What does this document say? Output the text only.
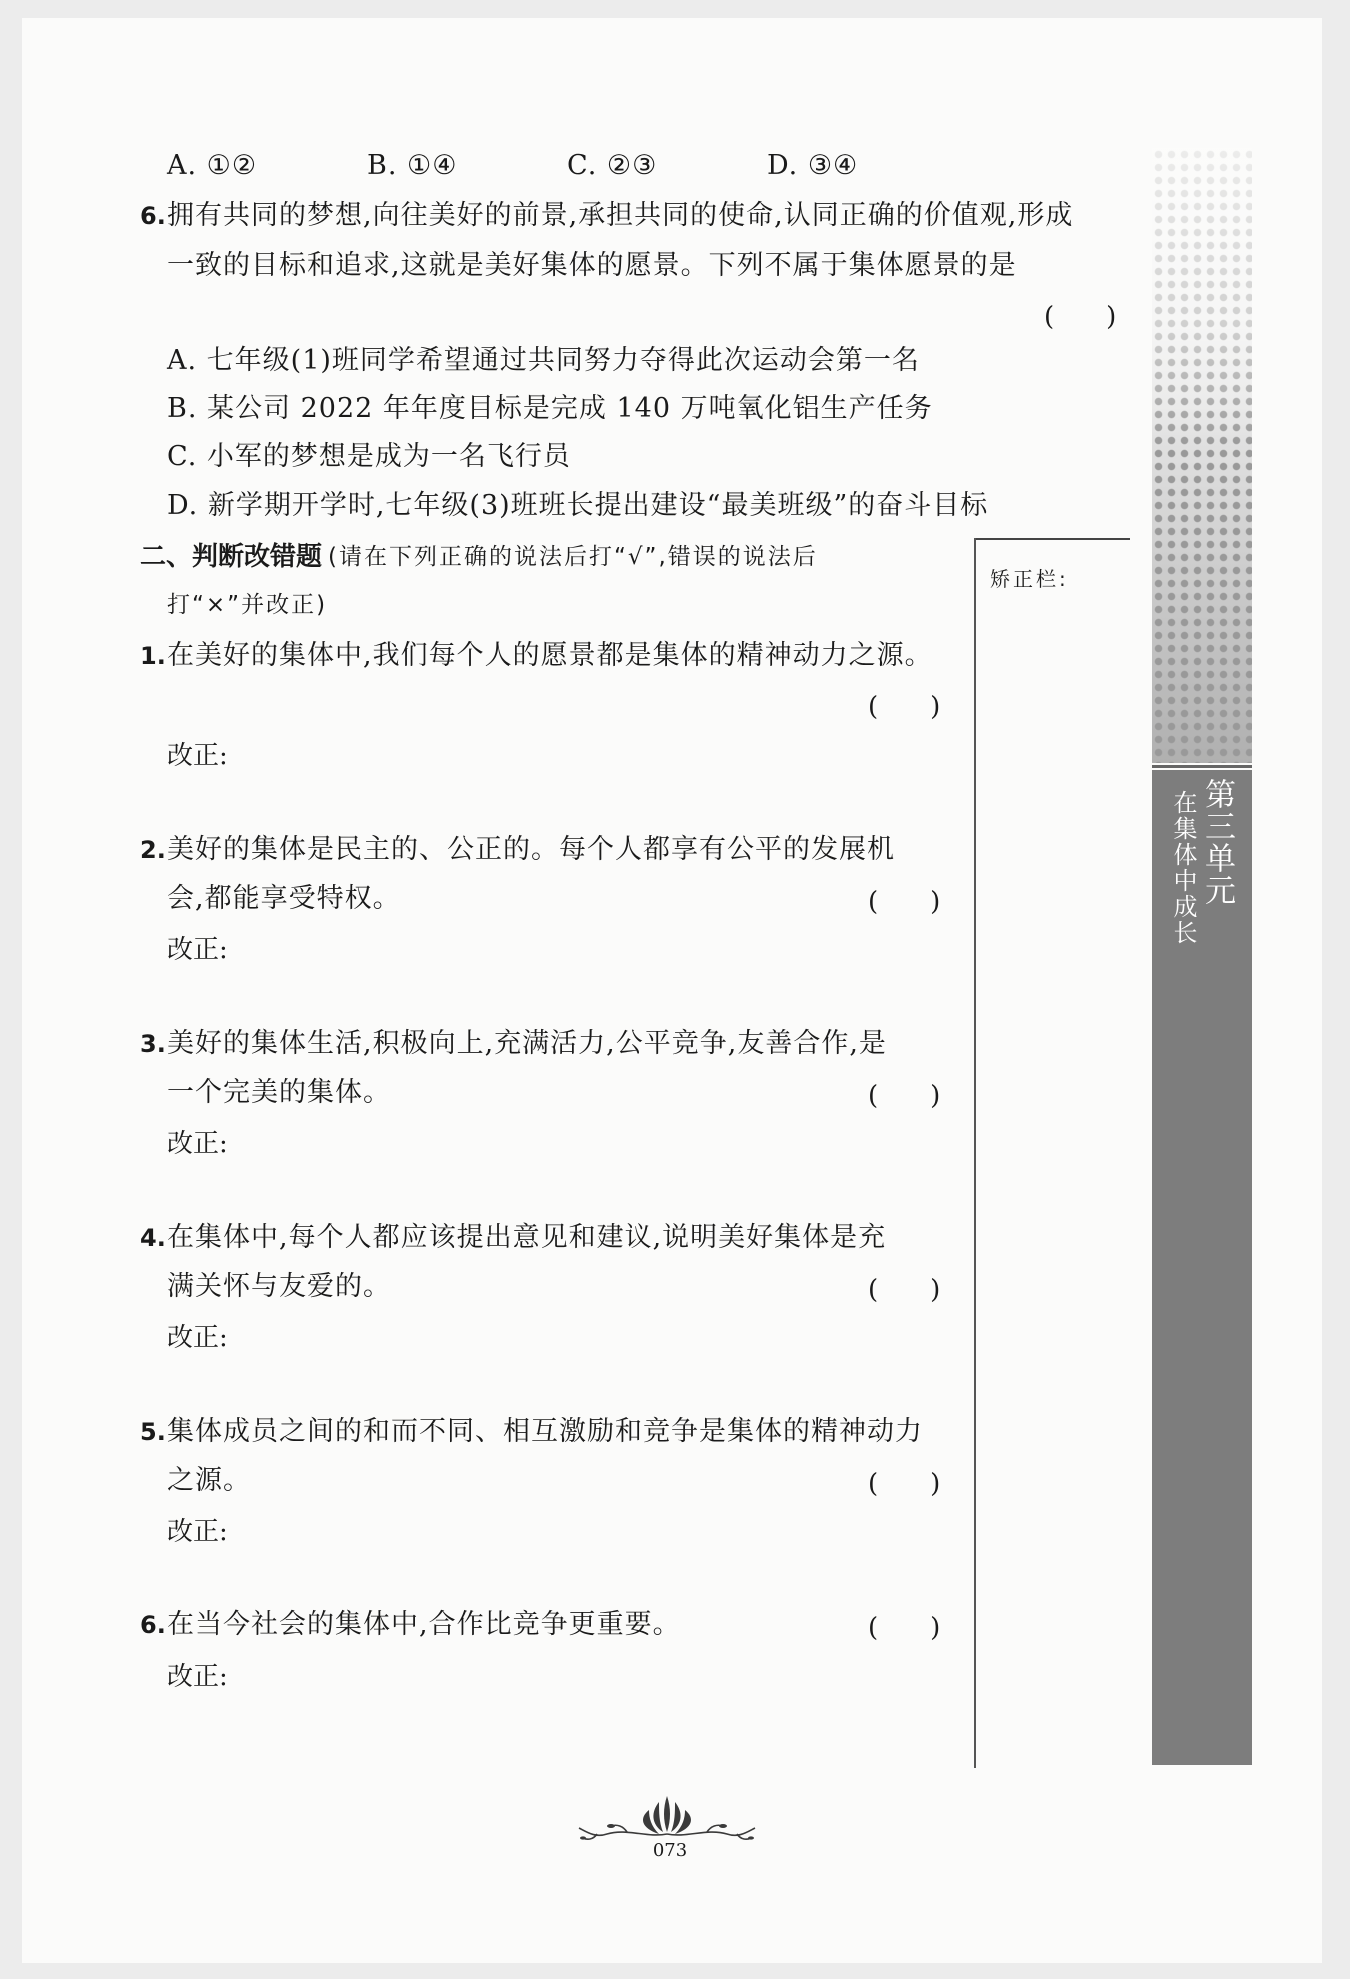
A. ①②	B. ①④	C. ②③	D. ③④
6. 拥有共同的梦想,向往美好的前景,承担共同的使命,认同正确的价值观,形成
一致的目标和追求,这就是美好集体的愿景。下列不属于集体愿景的是
(　　)
A. 七年级(1)班同学希望通过共同努力夺得此次运动会第一名
B. 某公司 2022 年年度目标是完成 140 万吨氧化铝生产任务
C. 小军的梦想是成为一名飞行员
D. 新学期开学时,七年级(3)班班长提出建设“最美班级”的奋斗目标
二、判断改错题 (请在下列正确的说法后打“√”,错误的说法后
打“×”并改正)
矫正栏:
1. 在美好的集体中,我们每个人的愿景都是集体的精神动力之源。
(　　)
改正:
2. 美好的集体是民主的、公正的。每个人都享有公平的发展机
会,都能享受特权。	(　　)
改正:
3. 美好的集体生活,积极向上,充满活力,公平竞争,友善合作,是
一个完美的集体。	(　　)
改正:
4. 在集体中,每个人都应该提出意见和建议,说明美好集体是充
满关怀与友爱的。	(　　)
改正:
5. 集体成员之间的和而不同、相互激励和竞争是集体的精神动力
之源。	(　　)
改正:
6. 在当今社会的集体中,合作比竞争更重要。	(　　)
改正:
第三单元
在集体中成长
073
